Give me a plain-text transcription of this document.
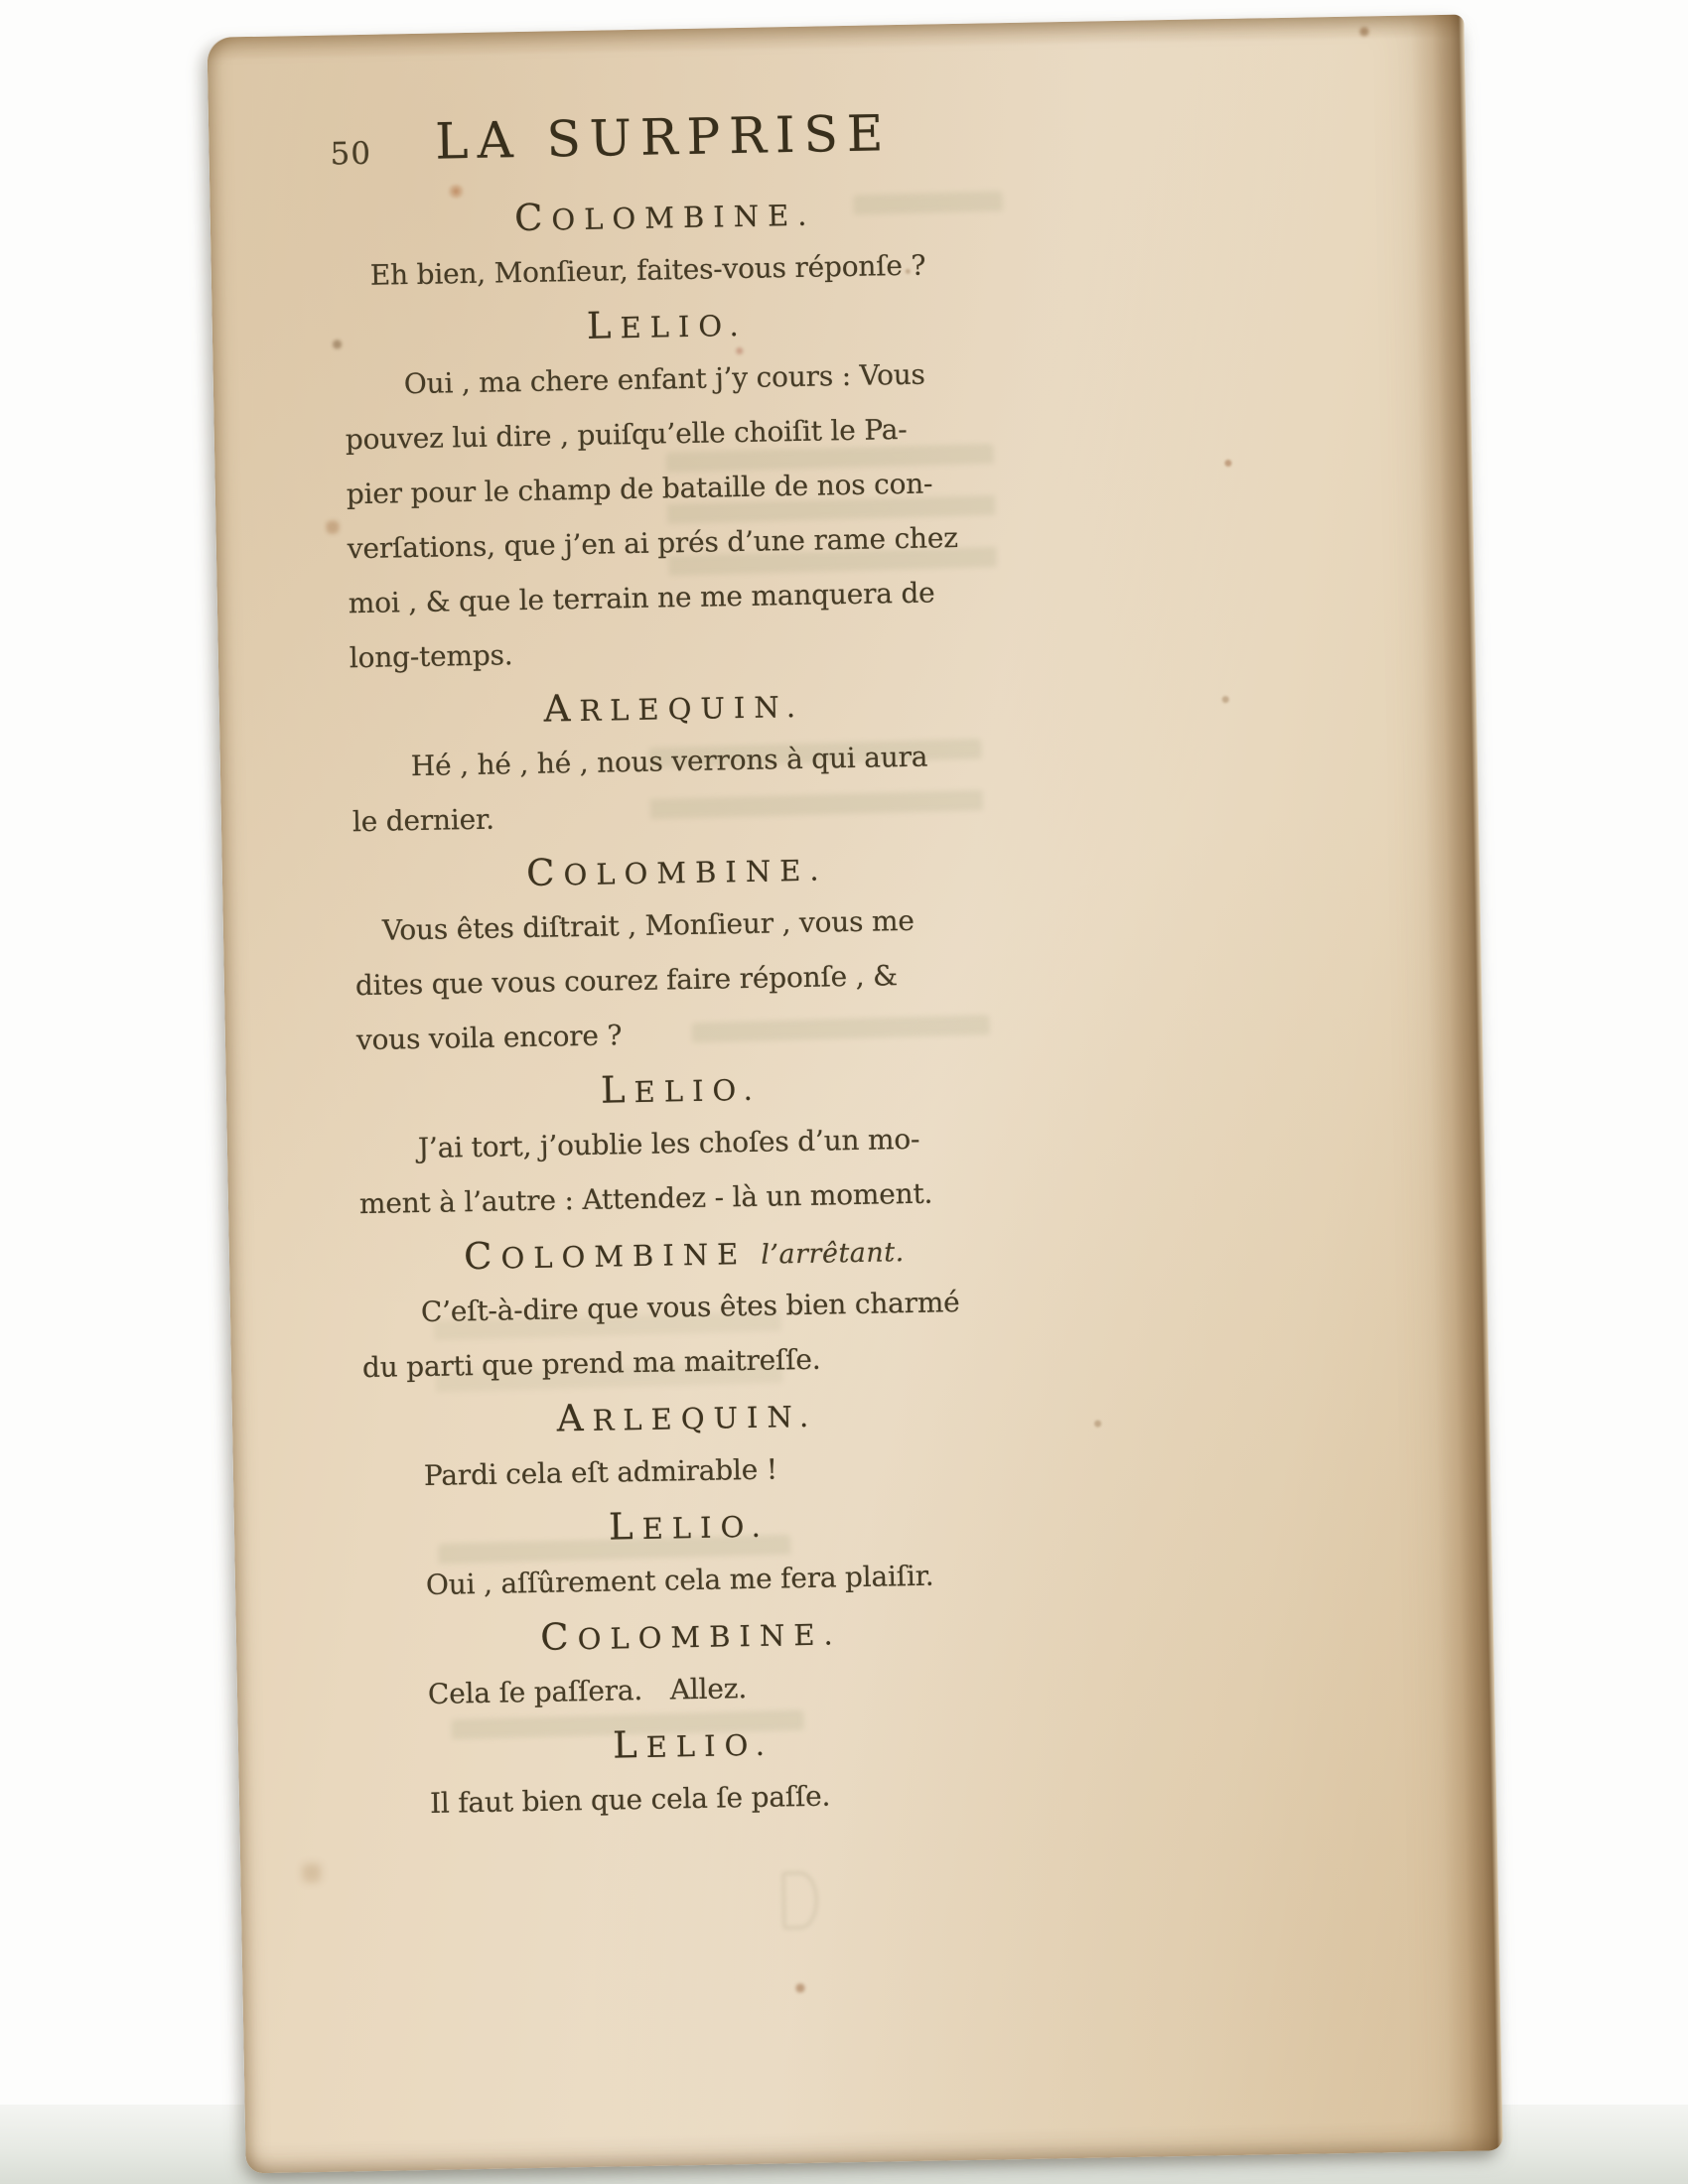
50	LA SURPRISE
COLOMBINE.
Eh bien, Monſieur, faites-vous réponſe ?
LELIO.
Oui , ma chere enfant j’y cours : Vous
pouvez lui dire , puiſqu’elle choiſit le Pa-
pier pour le champ de bataille de nos con-
verſations, que j’en ai prés d’une rame chez
moi , & que le terrain ne me manquera de
long-temps.
ARLEQUIN.
Hé , hé , hé , nous verrons à qui aura
le dernier.
COLOMBINE.
Vous êtes diſtrait , Monſieur , vous me
dites que vous courez faire réponſe , &
vous voila encore ?
LELIO.
J’ai tort, j’oublie les choſes d’un mo-
ment à l’autre : Attendez - là un moment.
COLOMBINE l’arrêtant.
C’eſt-à-dire que vous êtes bien charmé
du parti que prend ma maitreſſe.
ARLEQUIN.
Pardi cela eſt admirable !
LELIO.
Oui , aſſûrement cela me fera plaiſir.
COLOMBINE.
Cela ſe paſſera. Allez.
LELIO.
Il faut bien que cela ſe paſſe.
